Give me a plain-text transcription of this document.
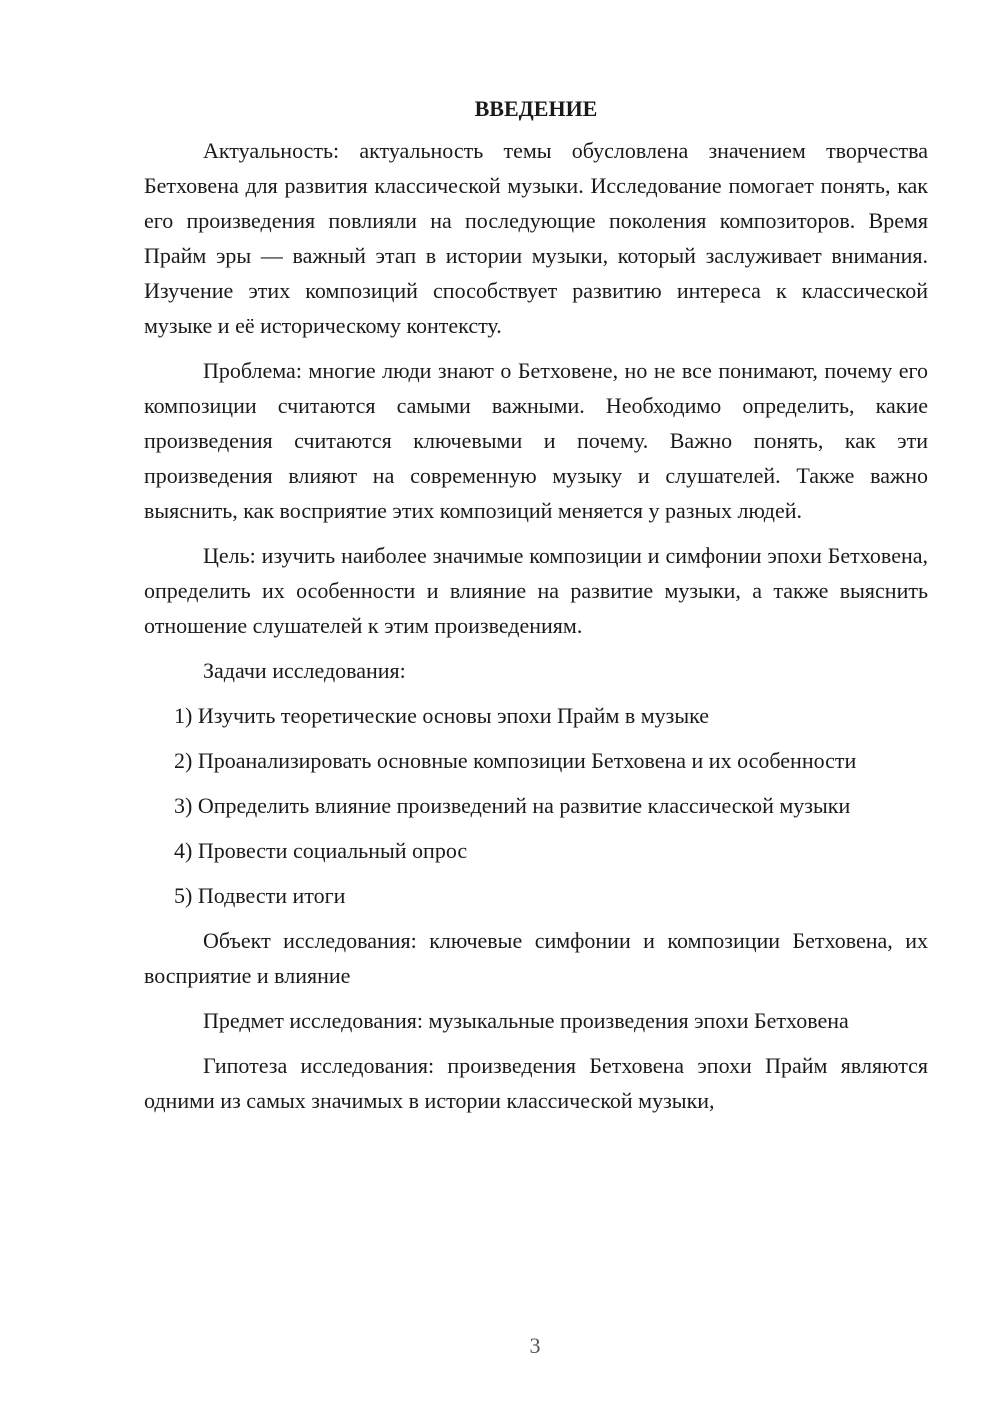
ВВЕДЕНИЕ

Актуальность: актуальность темы обусловлена значением творчества Бетховена для развития классической музыки. Исследование помогает понять, как его произведения повлияли на последующие поколения композиторов. Время Прайм эры — важный этап в истории музыки, который заслуживает внимания. Изучение этих композиций способствует развитию интереса к классической музыке и её историческому контексту.

Проблема: многие люди знают о Бетховене, но не все понимают, почему его композиции считаются самыми важными. Необходимо определить, какие произведения считаются ключевыми и почему. Важно понять, как эти произведения влияют на современную музыку и слушателей. Также важно выяснить, как восприятие этих композиций меняется у разных людей.

Цель: изучить наиболее значимые композиции и симфонии эпохи Бетховена, определить их особенности и влияние на развитие музыки, а также выяснить отношение слушателей к этим произведениям.

Задачи исследования:

1) Изучить теоретические основы эпохи Прайм в музыке

2) Проанализировать основные композиции Бетховена и их особенности

3) Определить влияние произведений на развитие классической музыки

4) Провести социальный опрос

5) Подвести итоги

Объект исследования: ключевые симфонии и композиции Бетховена, их восприятие и влияние

Предмет исследования: музыкальные произведения эпохи Бетховена

Гипотеза исследования: произведения Бетховена эпохи Прайм являются одними из самых значимых в истории классической музыки,

3
